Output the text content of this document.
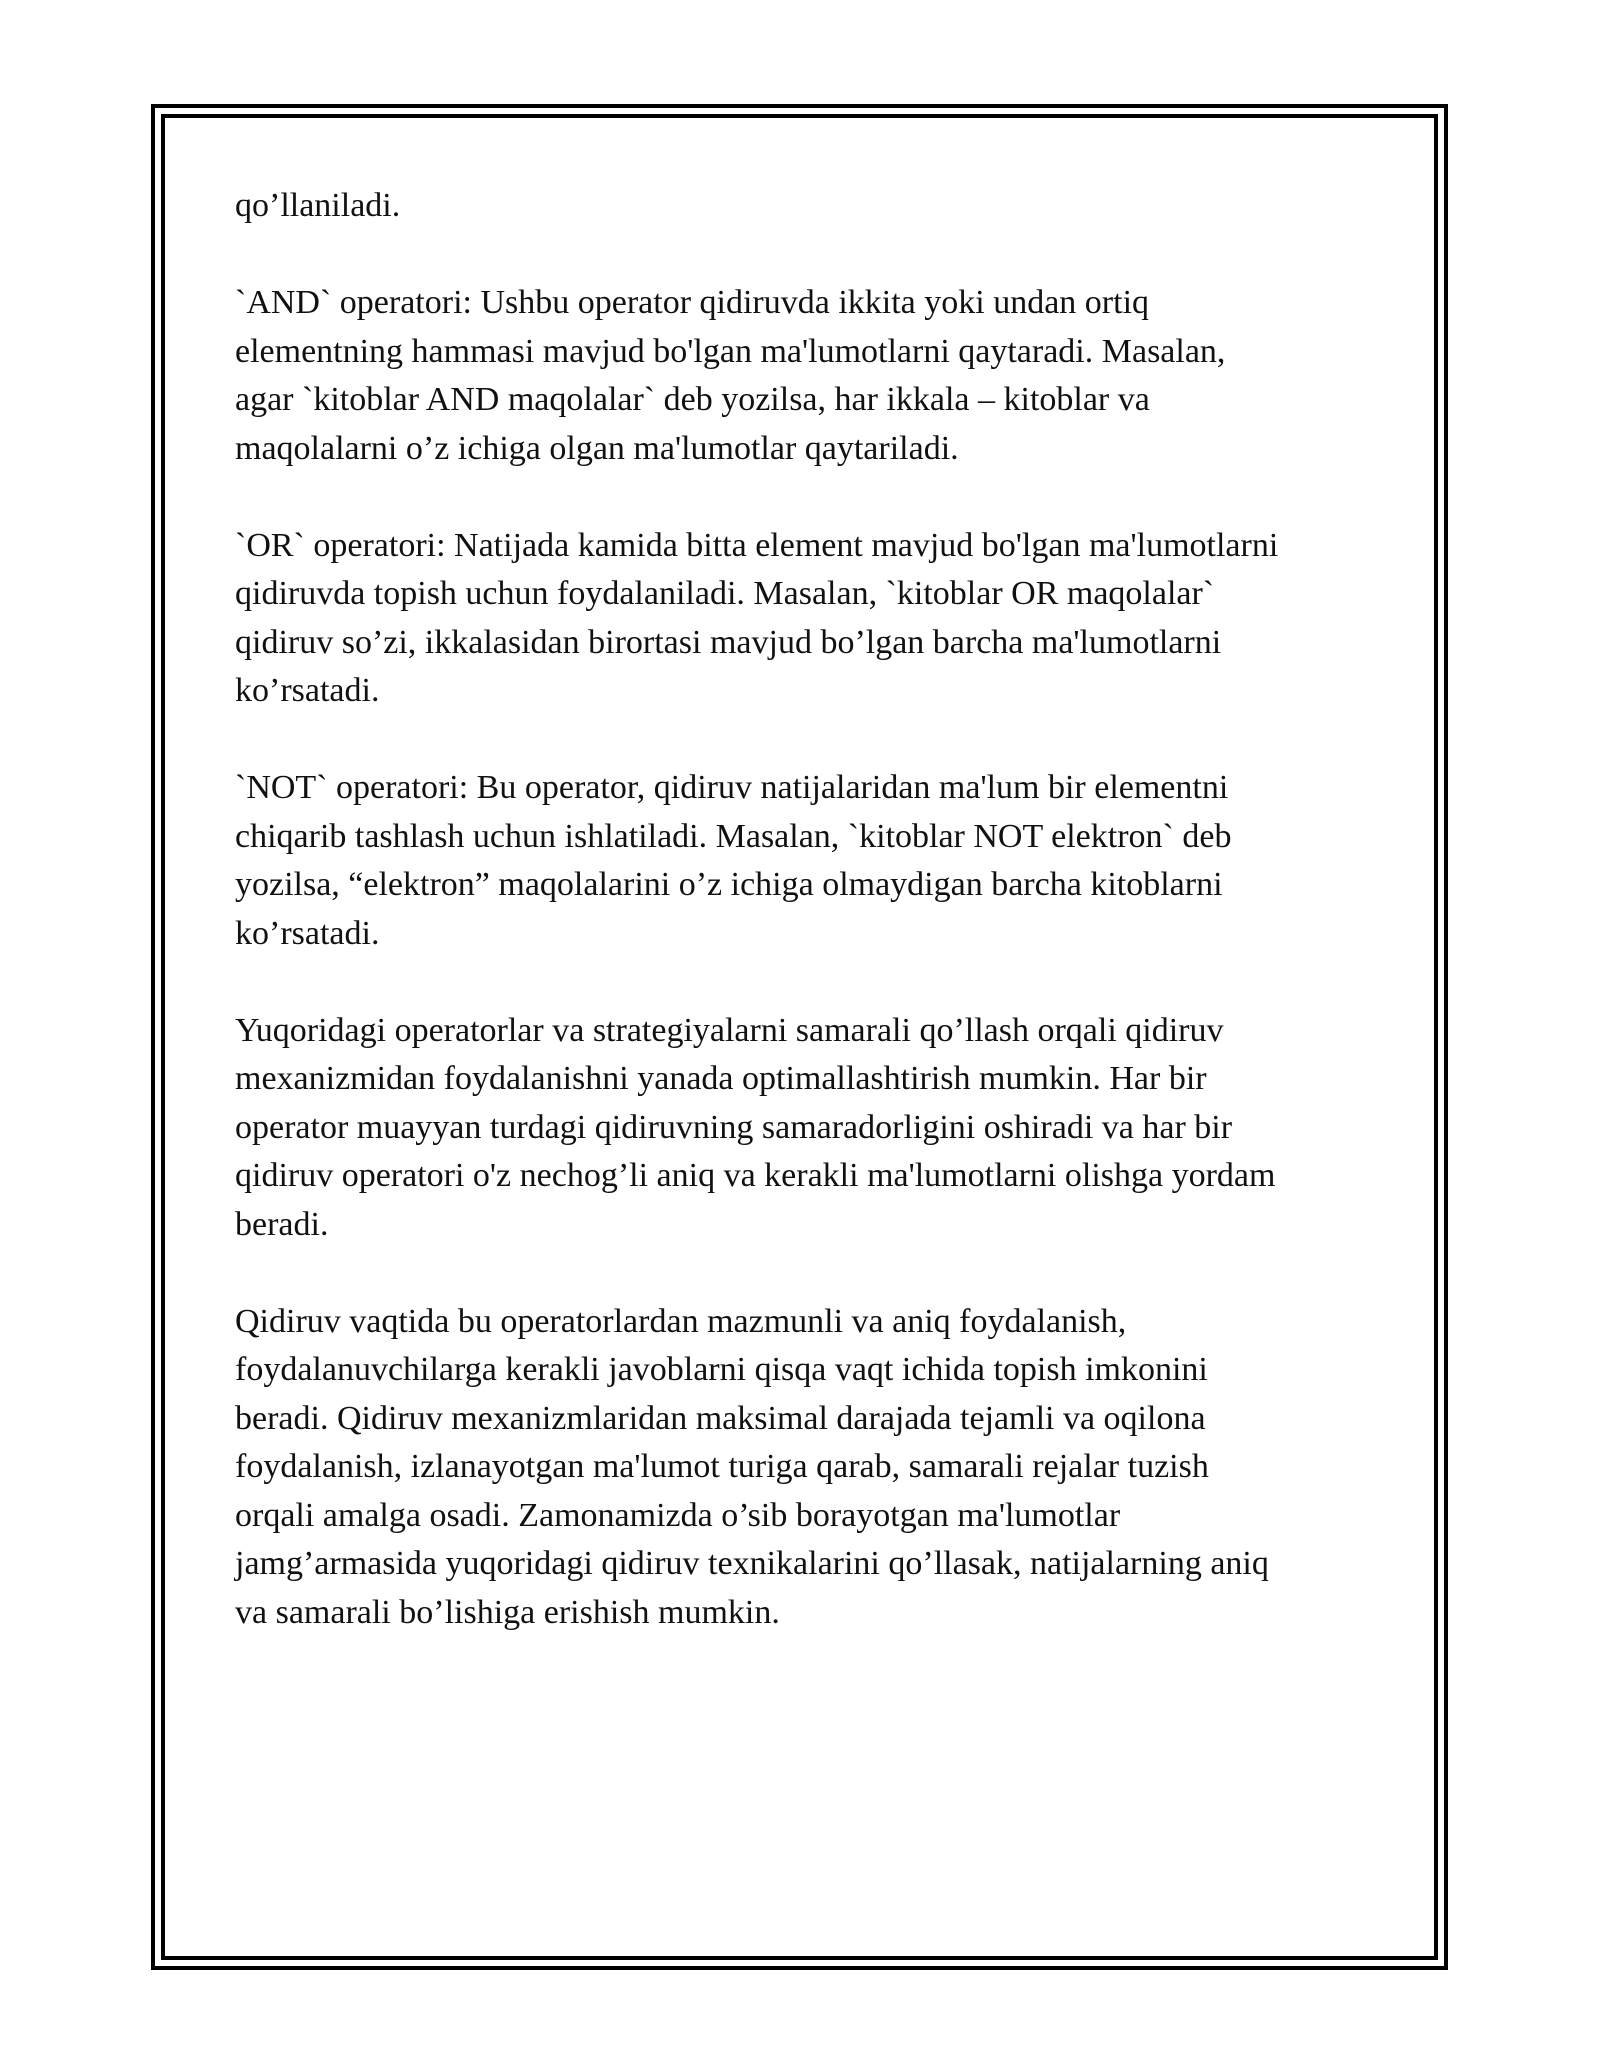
qo’llaniladi.

`AND` operatori: Ushbu operator qidiruvda ikkita yoki undan ortiq
elementning hammasi mavjud bo'lgan ma'lumotlarni qaytaradi. Masalan,
agar `kitoblar AND maqolalar` deb yozilsa, har ikkala – kitoblar va
maqolalarni o’z ichiga olgan ma'lumotlar qaytariladi.

`OR` operatori: Natijada kamida bitta element mavjud bo'lgan ma'lumotlarni
qidiruvda topish uchun foydalaniladi. Masalan, `kitoblar OR maqolalar`
qidiruv so’zi, ikkalasidan birortasi mavjud bo’lgan barcha ma'lumotlarni
ko’rsatadi.

`NOT` operatori: Bu operator, qidiruv natijalaridan ma'lum bir elementni
chiqarib tashlash uchun ishlatiladi. Masalan, `kitoblar NOT elektron` deb
yozilsa, “elektron” maqolalarini o’z ichiga olmaydigan barcha kitoblarni
ko’rsatadi.

Yuqoridagi operatorlar va strategiyalarni samarali qo’llash orqali qidiruv
mexanizmidan foydalanishni yanada optimallashtirish mumkin. Har bir
operator muayyan turdagi qidiruvning samaradorligini oshiradi va har bir
qidiruv operatori o'z nechog’li aniq va kerakli ma'lumotlarni olishga yordam
beradi.

Qidiruv vaqtida bu operatorlardan mazmunli va aniq foydalanish,
foydalanuvchilarga kerakli javoblarni qisqa vaqt ichida topish imkonini
beradi. Qidiruv mexanizmlaridan maksimal darajada tejamli va oqilona
foydalanish, izlanayotgan ma'lumot turiga qarab, samarali rejalar tuzish
orqali amalga osadi. Zamonamizda o’sib borayotgan ma'lumotlar
jamg’armasida yuqoridagi qidiruv texnikalarini qo’llasak, natijalarning aniq
va samarali bo’lishiga erishish mumkin.
